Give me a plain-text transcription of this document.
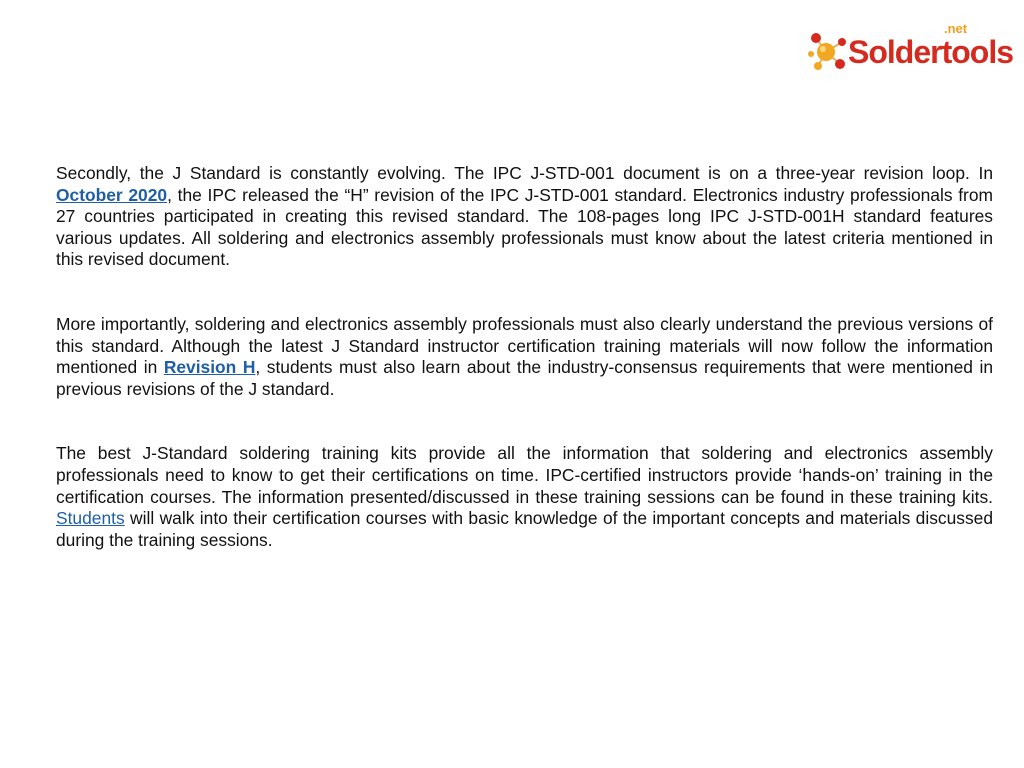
Soldertools
.net

Secondly, the J Standard is constantly evolving. The IPC J-STD-001 document is on a three-year revision loop. In October 2020, the IPC released the “H” revision of the IPC J-STD-001 standard. Electronics industry professionals from 27 countries participated in creating this revised standard. The 108-pages long IPC J-STD-001H standard features various updates. All soldering and electronics assembly professionals must know about the latest criteria mentioned in this revised document.

More importantly, soldering and electronics assembly professionals must also clearly understand the previous versions of this standard. Although the latest J Standard instructor certification training materials will now follow the information mentioned in Revision H, students must also learn about the industry-consensus requirements that were mentioned in previous revisions of the J standard.

The best J-Standard soldering training kits provide all the information that soldering and electronics assembly professionals need to know to get their certifications on time. IPC-certified instructors provide ‘hands-on’ training in the certification courses. The information presented/discussed in these training sessions can be found in these training kits. Students will walk into their certification courses with basic knowledge of the important concepts and materials discussed during the training sessions.
